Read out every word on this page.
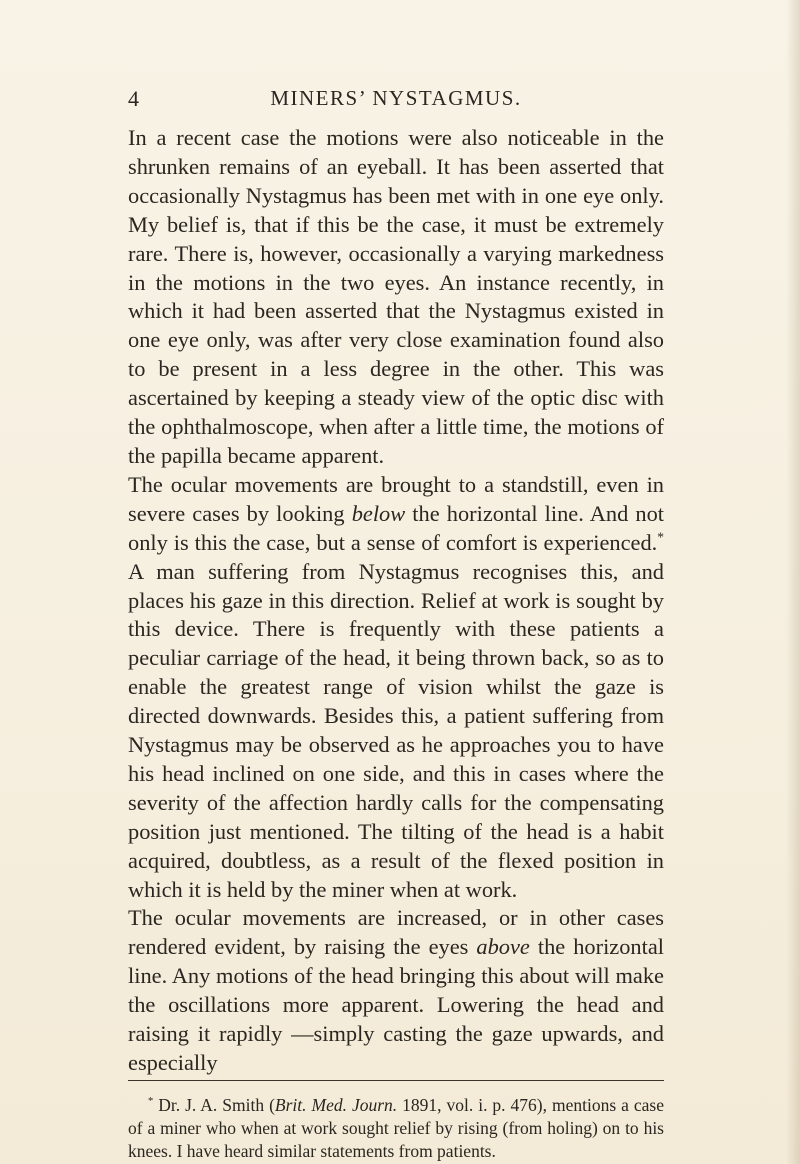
4	MINERS’ NYSTAGMUS.

In a recent case the motions were also noticeable in the shrunken remains of an eyeball. It has been asserted that occasionally Nystagmus has been met with in one eye only. My belief is, that if this be the case, it must be extremely rare. There is, however, occasionally a varying markedness in the motions in the two eyes. An instance recently, in which it had been asserted that the Nystagmus existed in one eye only, was after very close examination found also to be present in a less degree in the other. This was ascertained by keeping a steady view of the optic disc with the ophthalmoscope, when after a little time, the motions of the papilla became apparent.

The ocular movements are brought to a standstill, even in severe cases by looking below the horizontal line. And not only is this the case, but a sense of comfort is experienced.* A man suffering from Nystagmus recognises this, and places his gaze in this direction. Relief at work is sought by this device. There is frequently with these patients a peculiar carriage of the head, it being thrown back, so as to enable the greatest range of vision whilst the gaze is directed downwards. Besides this, a patient suffering from Nystagmus may be observed as he approaches you to have his head inclined on one side, and this in cases where the severity of the affection hardly calls for the compensating position just mentioned. The tilting of the head is a habit acquired, doubtless, as a result of the flexed position in which it is held by the miner when at work.

The ocular movements are increased, or in other cases rendered evident, by raising the eyes above the horizontal line. Any motions of the head bringing this about will make the oscillations more apparent. Lowering the head and raising it rapidly —simply casting the gaze upwards, and especially

* Dr. J. A. Smith (Brit. Med. Journ. 1891, vol. i. p. 476), mentions a case of a miner who when at work sought relief by rising (from holing) on to his knees. I have heard similar statements from patients.
